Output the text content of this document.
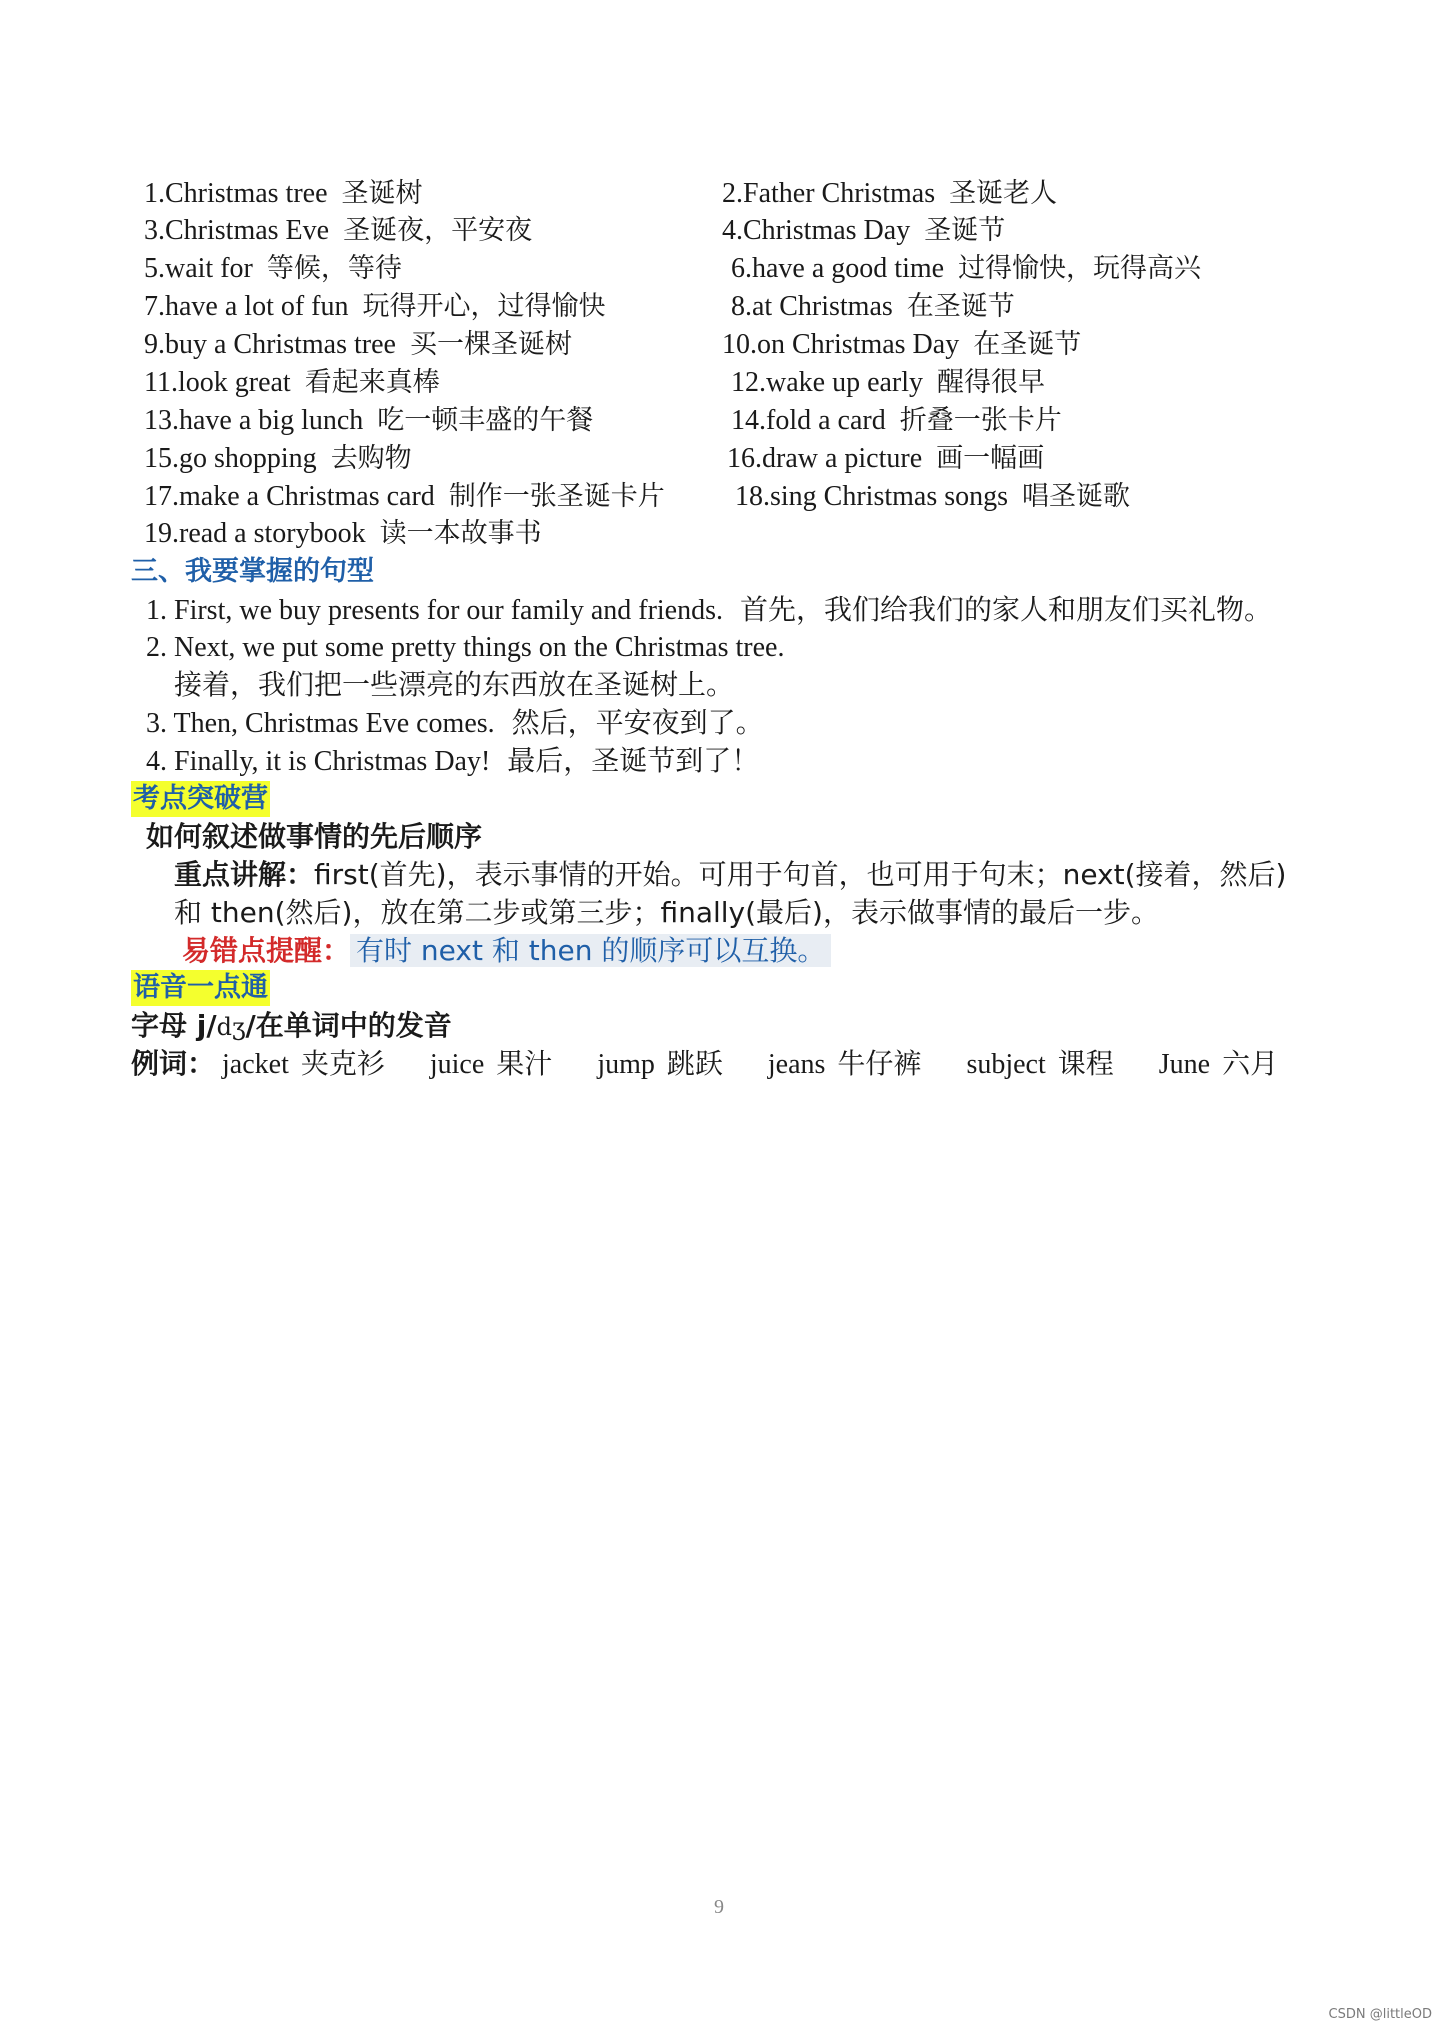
1.Christmas tree 圣诞树	2.Father Christmas 圣诞老人
3.Christmas Eve 圣诞夜，平安夜	4.Christmas Day 圣诞节
5.wait for 等候，等待	6.have a good time 过得愉快，玩得高兴
7.have a lot of fun 玩得开心，过得愉快	8.at Christmas 在圣诞节
9.buy a Christmas tree 买一棵圣诞树	10.on Christmas Day 在圣诞节
11.look great 看起来真棒	12.wake up early 醒得很早
13.have a big lunch 吃一顿丰盛的午餐	14.fold a card 折叠一张卡片
15.go shopping 去购物	16.draw a picture 画一幅画
17.make a Christmas card 制作一张圣诞卡片	18.sing Christmas songs 唱圣诞歌
19.read a storybook 读一本故事书
三、我要掌握的句型
1. First, we buy presents for our family and friends. 首先，我们给我们的家人和朋友们买礼物。
2. Next, we put some pretty things on the Christmas tree.
接着，我们把一些漂亮的东西放在圣诞树上。
3. Then, Christmas Eve comes. 然后，平安夜到了。
4. Finally, it is Christmas Day! 最后，圣诞节到了！
考点突破营
如何叙述做事情的先后顺序
重点讲解：first(首先)，表示事情的开始。可用于句首，也可用于句末；next(接着，然后)
和 then(然后)，放在第二步或第三步；finally(最后)，表示做事情的最后一步。
易错点提醒： 有时 next 和 then 的顺序可以互换。
语音一点通
字母 j/dʒ/在单词中的发音
例词： jacket 夹克衫 juice 果汁 jump 跳跃 jeans 牛仔裤 subject 课程 June 六月
9
CSDN @littleOD
